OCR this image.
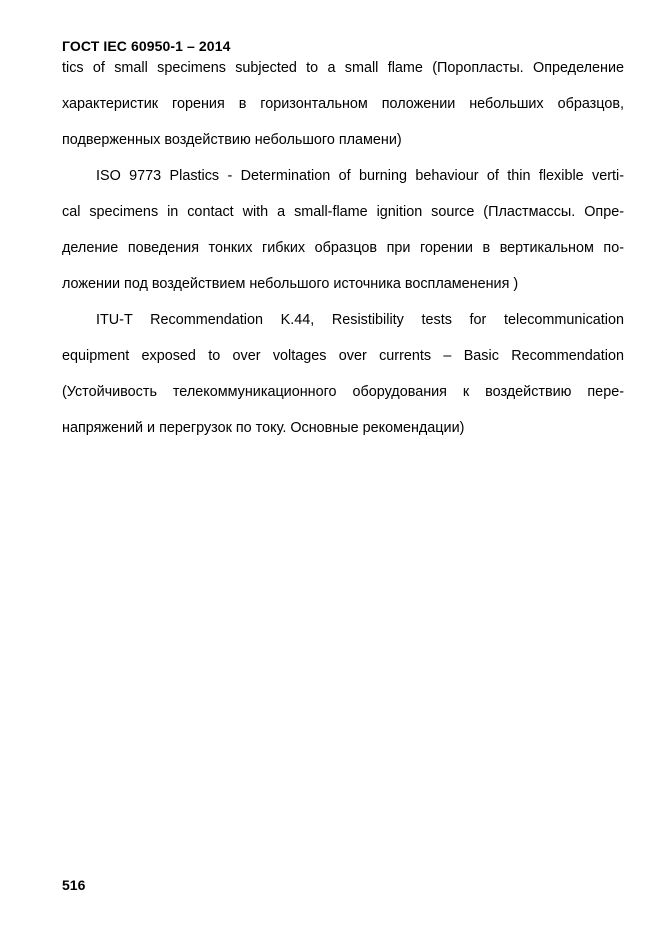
ГОСТ IEC 60950-1 – 2014
tics of small specimens subjected to a small flame (Поропласты. Определение
характеристик горения в горизонтальном положении небольших образцов,
подверженных воздействию небольшого пламени)
ISO 9773 Plastics - Determination of burning behaviour of thin flexible verti-
cal specimens in contact with a small-flame ignition source (Пластмассы. Опре-
деление поведения тонких гибких образцов при горении в вертикальном по-
ложении под воздействием небольшого источника воспламенения )
ITU-T Recommendation K.44, Resistibility tests for telecommunication
equipment exposed to over voltages over currents – Basic Recommendation
(Устойчивость телекоммуникационного оборудования к воздействию пере-
напряжений и перегрузок по току. Основные рекомендации)
516
